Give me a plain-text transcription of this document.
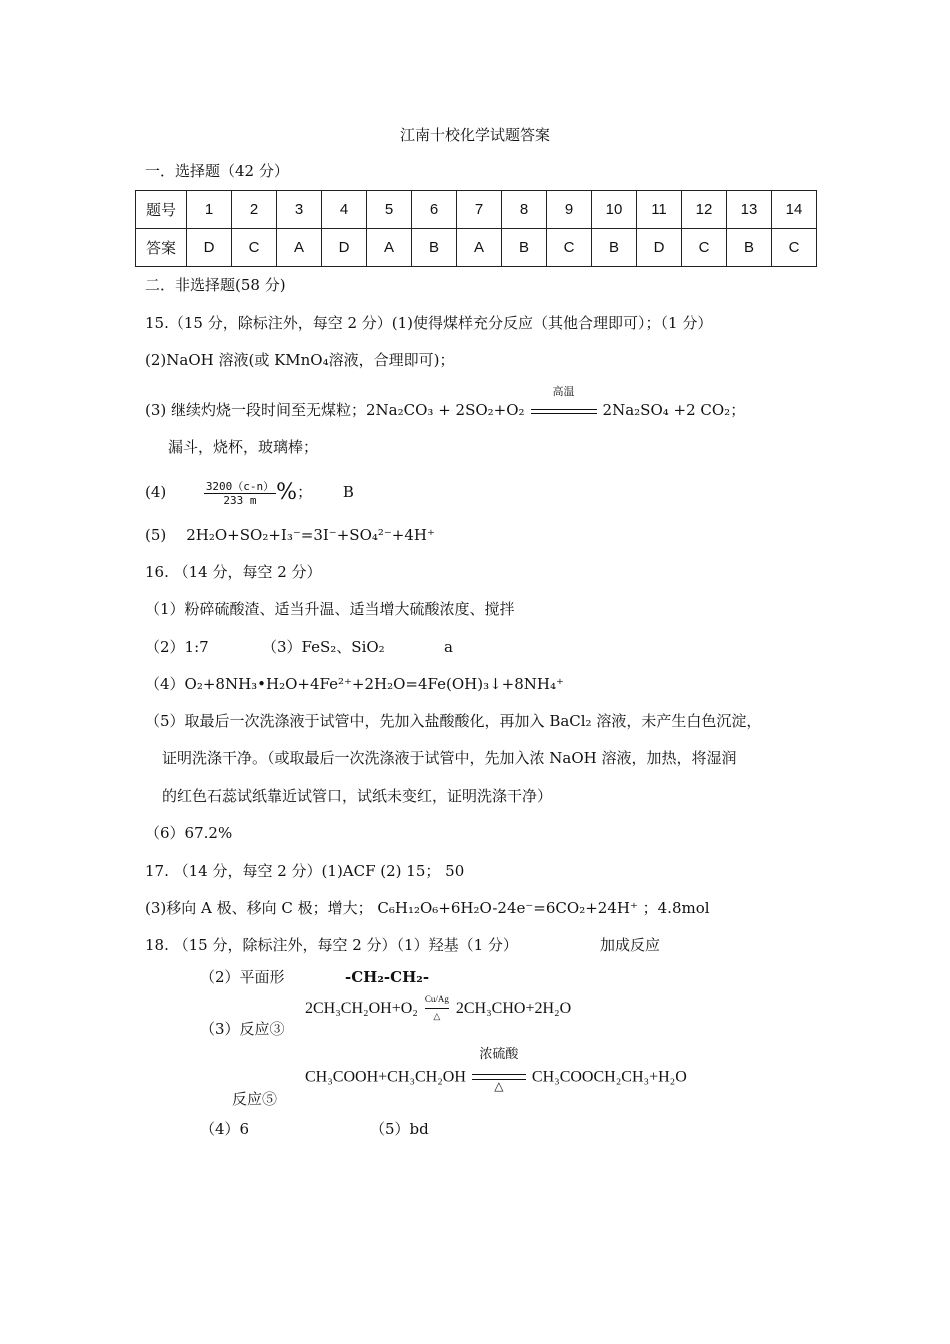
江南十校化学试题答案
一．选择题（42 分）
题号	1	2	3	4	5	6	7	8	9	10	11	12	13	14
答案	D	C	A	D	A	B	A	B	C	B	D	C	B	C
二．非选择题(58 分)
15.（15 分，除标注外，每空 2 分）(1)使得煤样充分反应（其他合理即可）；（1 分）
(2)NaOH 溶液(或 KMnO₄溶液，合理即可)；
(3) 继续灼烧一段时间至无煤粒；2Na₂CO₃ + 2SO₂+O₂
高温
2Na₂SO₄ +2 CO₂；
漏斗，烧杯，玻璃棒；
(4)	$\frac{3200(c-n)}{233 m}$ %； B
(5) 2H₂O+SO₂+I₃⁻=3I⁻+SO₄²⁻+4H⁺
16. （14 分，每空 2 分）
（1）粉碎硫酸渣、适当升温、适当增大硫酸浓度、搅拌
（2）1:7	（3）FeS₂、SiO₂	a
（4）O₂+8NH₃•H₂O+4Fe²⁺+2H₂O=4Fe(OH)₃↓+8NH₄⁺
（5）取最后一次洗涤液于试管中，先加入盐酸酸化，再加入 BaCl₂ 溶液，未产生白色沉淀，
证明洗涤干净。（或取最后一次洗涤液于试管中，先加入浓 NaOH 溶液，加热，将湿润
的红色石蕊试纸靠近试管口，试纸未变红，证明洗涤干净）
（6）67.2%
17. （14 分，每空 2 分）(1)ACF (2) 15； 50
(3)移向 A 极、移向 C 极；增大； C₆H₁₂O₆+6H₂O-24e⁻=6CO₂+24H⁺ ；4.8mol
18. （15 分，除标注外，每空 2 分）（1）羟基（1 分）	加成反应
（2）平面形	-CH₂-CH₂-
（3）反应③
2CH₃CH₂OH+O₂
Cu/Ag
△ 2CH₃CHO+2H₂O
CH₃COOH+CH₃CH₂OH
浓硫酸
△
CH₃COOCH₂CH₃+H₂O
反应⑤
（4）6	（5）bd
